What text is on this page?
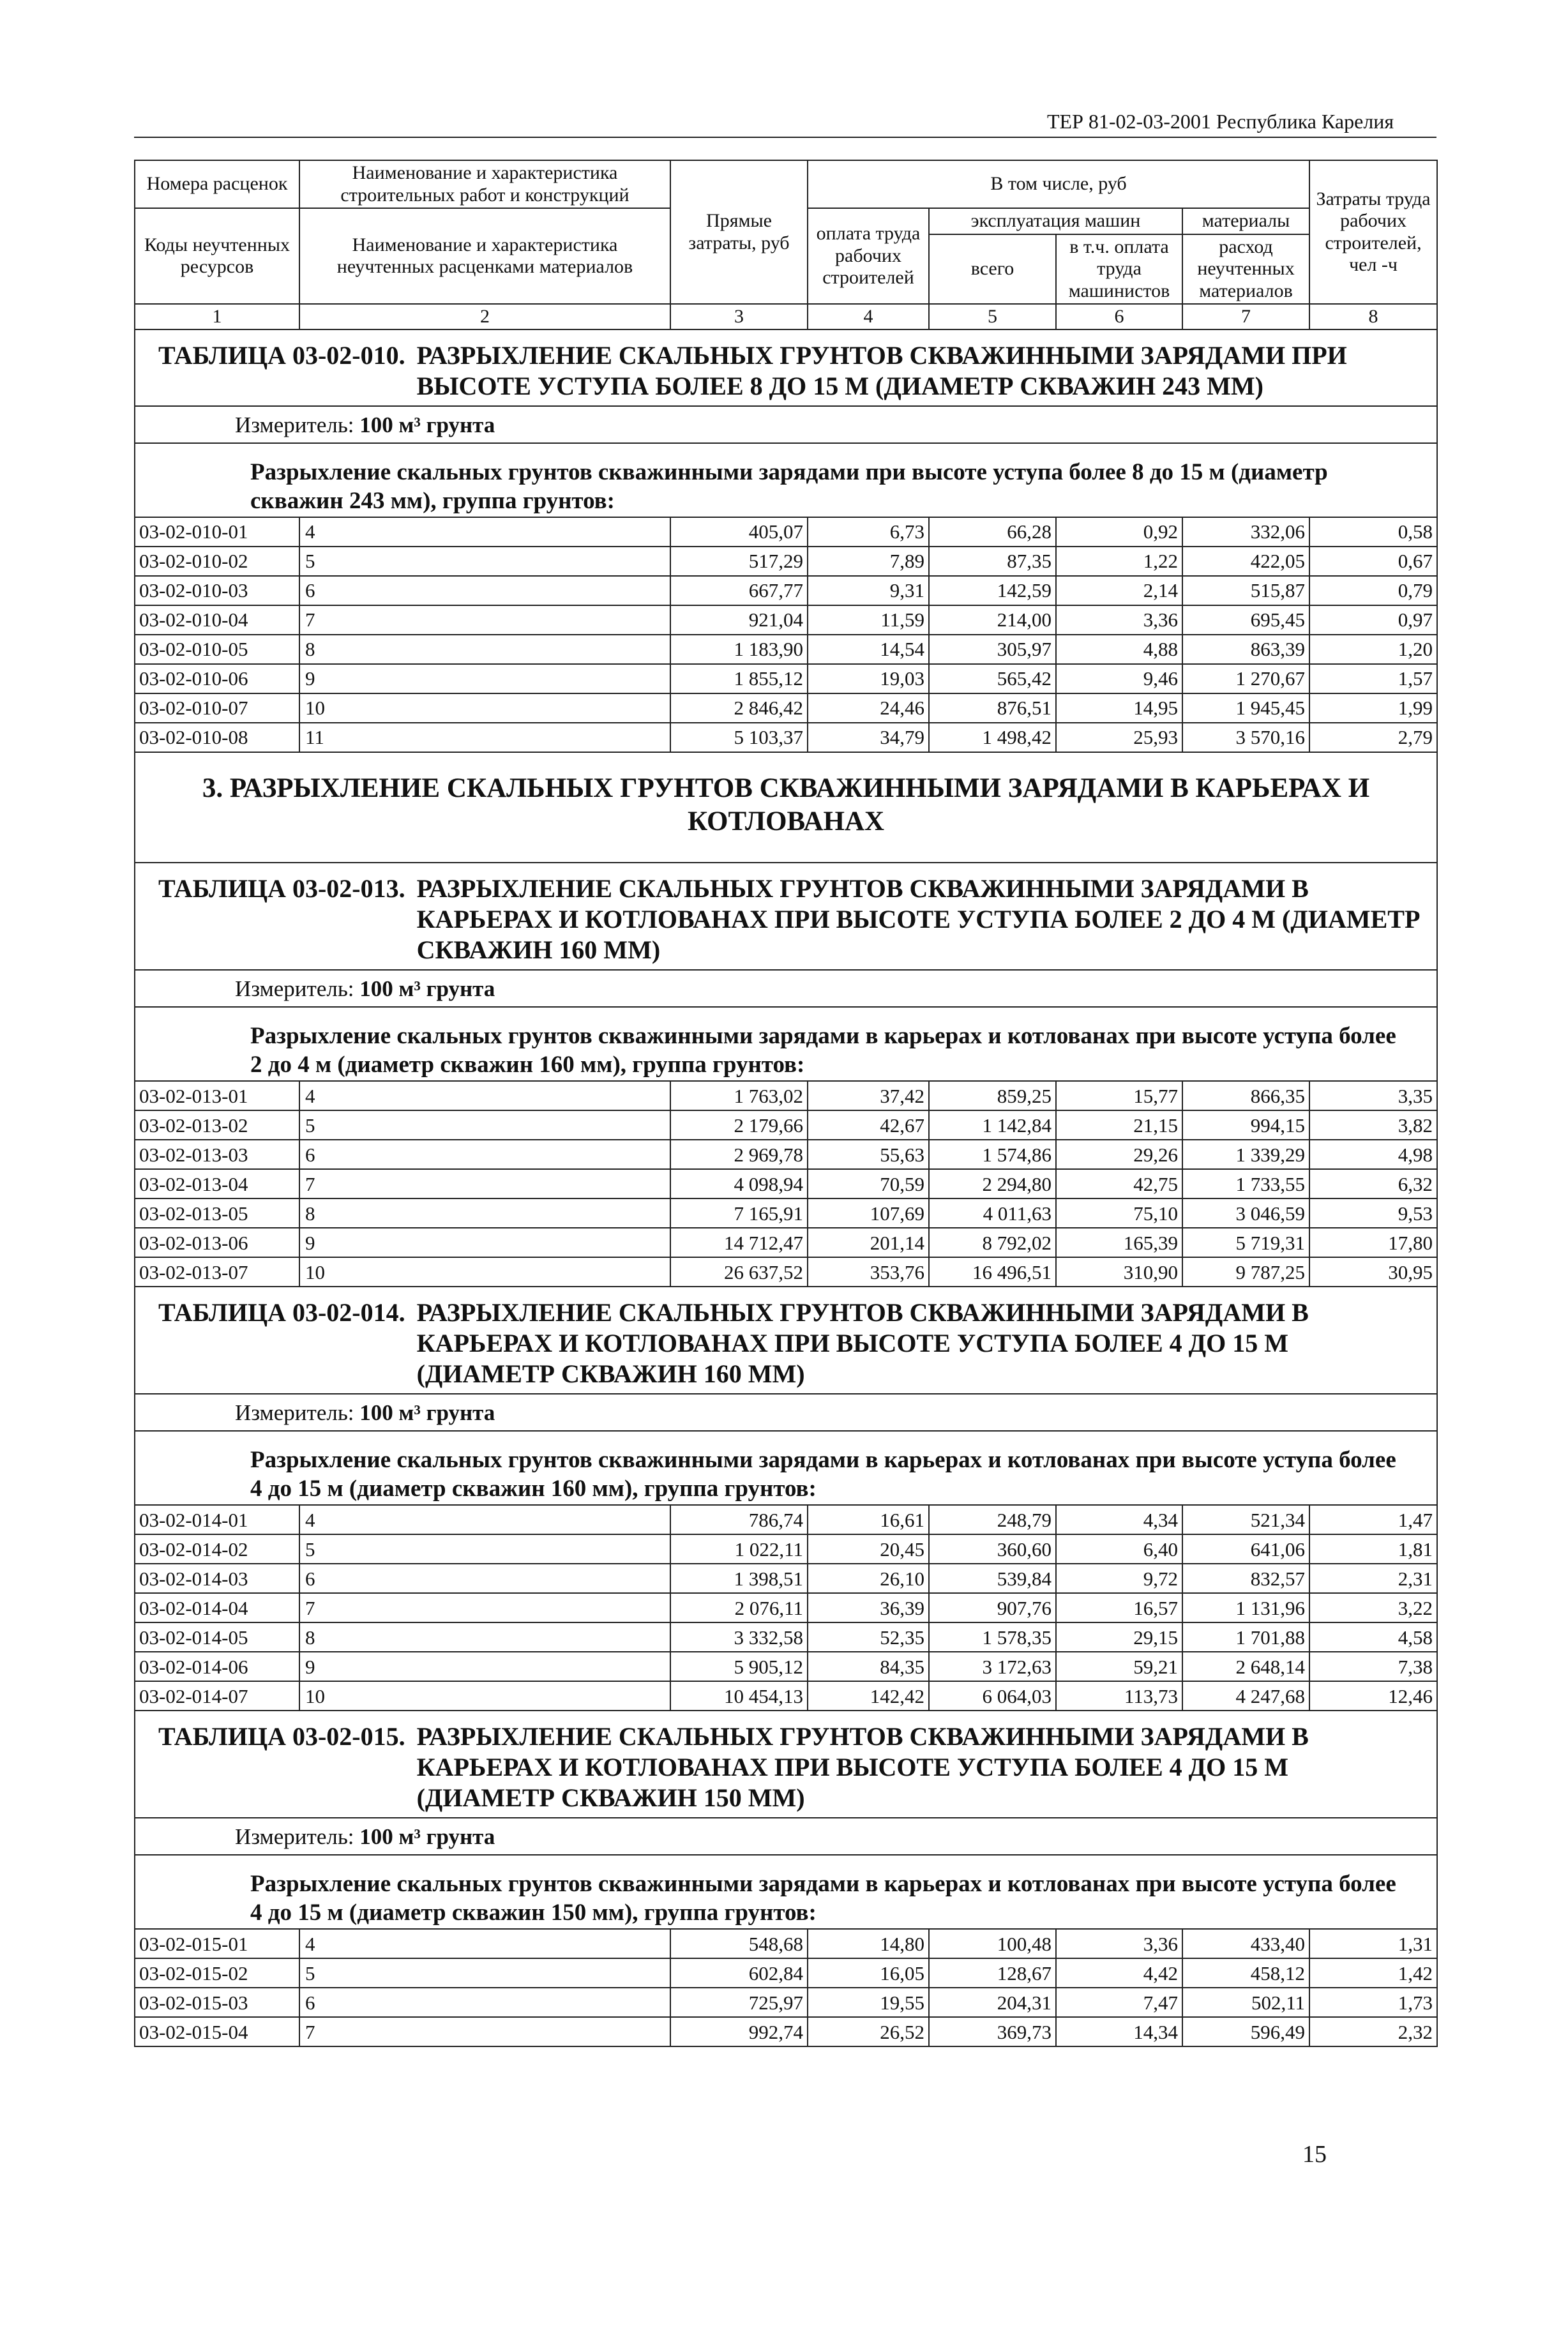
ТЕР 81-02-03-2001 Республика Карелия
Номера расценок	Наименование и характеристика строительных работ и конструкций	Прямые затраты, руб	В том числе, руб				Затраты труда рабочих строителей, чел -ч
Коды неучтенных ресурсов	Наименование и характеристика неучтенных расценками материалов		оплата труда рабочих строителей	эксплуатация машин		материалы	
				всего	в т.ч. оплата труда машинистов	расход неучтенных материалов	
1	2	3	4	5	6	7	8

ТАБЛИЦА 03-02-010. РАЗРЫХЛЕНИЕ СКАЛЬНЫХ ГРУНТОВ СКВАЖИННЫМИ ЗАРЯДАМИ ПРИ ВЫСОТЕ УСТУПА БОЛЕЕ 8 ДО 15 М (ДИАМЕТР СКВАЖИН 243 ММ)							

Измеритель: 100 м³ грунта							
Разрыхление скальных грунтов скважинными зарядами при высоте уступа более 8 до 15 м (диаметр скважин 243 мм), группа грунтов:							
03-02-010-01	4	405,07	6,73	66,28	0,92	332,06	0,58
03-02-010-02	5	517,29	7,89	87,35	1,22	422,05	0,67
03-02-010-03	6	667,77	9,31	142,59	2,14	515,87	0,79
03-02-010-04	7	921,04	11,59	214,00	3,36	695,45	0,97
03-02-010-05	8	1 183,90	14,54	305,97	4,88	863,39	1,20
03-02-010-06	9	1 855,12	19,03	565,42	9,46	1 270,67	1,57
03-02-010-07	10	2 846,42	24,46	876,51	14,95	1 945,45	1,99
03-02-010-08	11	5 103,37	34,79	1 498,42	25,93	3 570,16	2,79
3. РАЗРЫХЛЕНИЕ СКАЛЬНЫХ ГРУНТОВ СКВАЖИННЫМИ ЗАРЯДАМИ В КАРЬЕРАХ И КОТЛОВАНАХ							

ТАБЛИЦА 03-02-013. РАЗРЫХЛЕНИЕ СКАЛЬНЫХ ГРУНТОВ СКВАЖИННЫМИ ЗАРЯДАМИ В КАРЬЕРАХ И КОТЛОВАНАХ ПРИ ВЫСОТЕ УСТУПА БОЛЕЕ 2 ДО 4 М (ДИАМЕТР СКВАЖИН 160 ММ)							

Измеритель: 100 м³ грунта							
Разрыхление скальных грунтов скважинными зарядами в карьерах и котлованах при высоте уступа более 2 до 4 м (диаметр скважин 160 мм), группа грунтов:							
03-02-013-01	4	1 763,02	37,42	859,25	15,77	866,35	3,35
03-02-013-02	5	2 179,66	42,67	1 142,84	21,15	994,15	3,82
03-02-013-03	6	2 969,78	55,63	1 574,86	29,26	1 339,29	4,98
03-02-013-04	7	4 098,94	70,59	2 294,80	42,75	1 733,55	6,32
03-02-013-05	8	7 165,91	107,69	4 011,63	75,10	3 046,59	9,53
03-02-013-06	9	14 712,47	201,14	8 792,02	165,39	5 719,31	17,80
03-02-013-07	10	26 637,52	353,76	16 496,51	310,90	9 787,25	30,95

ТАБЛИЦА 03-02-014. РАЗРЫХЛЕНИЕ СКАЛЬНЫХ ГРУНТОВ СКВАЖИННЫМИ ЗАРЯДАМИ В КАРЬЕРАХ И КОТЛОВАНАХ ПРИ ВЫСОТЕ УСТУПА БОЛЕЕ 4 ДО 15 М (ДИАМЕТР СКВАЖИН 160 ММ)							

Измеритель: 100 м³ грунта							
Разрыхление скальных грунтов скважинными зарядами в карьерах и котлованах при высоте уступа более 4 до 15 м (диаметр скважин 160 мм), группа грунтов:							
03-02-014-01	4	786,74	16,61	248,79	4,34	521,34	1,47
03-02-014-02	5	1 022,11	20,45	360,60	6,40	641,06	1,81
03-02-014-03	6	1 398,51	26,10	539,84	9,72	832,57	2,31
03-02-014-04	7	2 076,11	36,39	907,76	16,57	1 131,96	3,22
03-02-014-05	8	3 332,58	52,35	1 578,35	29,15	1 701,88	4,58
03-02-014-06	9	5 905,12	84,35	3 172,63	59,21	2 648,14	7,38
03-02-014-07	10	10 454,13	142,42	6 064,03	113,73	4 247,68	12,46

ТАБЛИЦА 03-02-015. РАЗРЫХЛЕНИЕ СКАЛЬНЫХ ГРУНТОВ СКВАЖИННЫМИ ЗАРЯДАМИ В КАРЬЕРАХ И КОТЛОВАНАХ ПРИ ВЫСОТЕ УСТУПА БОЛЕЕ 4 ДО 15 М (ДИАМЕТР СКВАЖИН 150 ММ)							

Измеритель: 100 м³ грунта							
Разрыхление скальных грунтов скважинными зарядами в карьерах и котлованах при высоте уступа более 4 до 15 м (диаметр скважин 150 мм), группа грунтов:							
03-02-015-01	4	548,68	14,80	100,48	3,36	433,40	1,31
03-02-015-02	5	602,84	16,05	128,67	4,42	458,12	1,42
03-02-015-03	6	725,97	19,55	204,31	7,47	502,11	1,73
03-02-015-04	7	992,74	26,52	369,73	14,34	596,49	2,32
15
